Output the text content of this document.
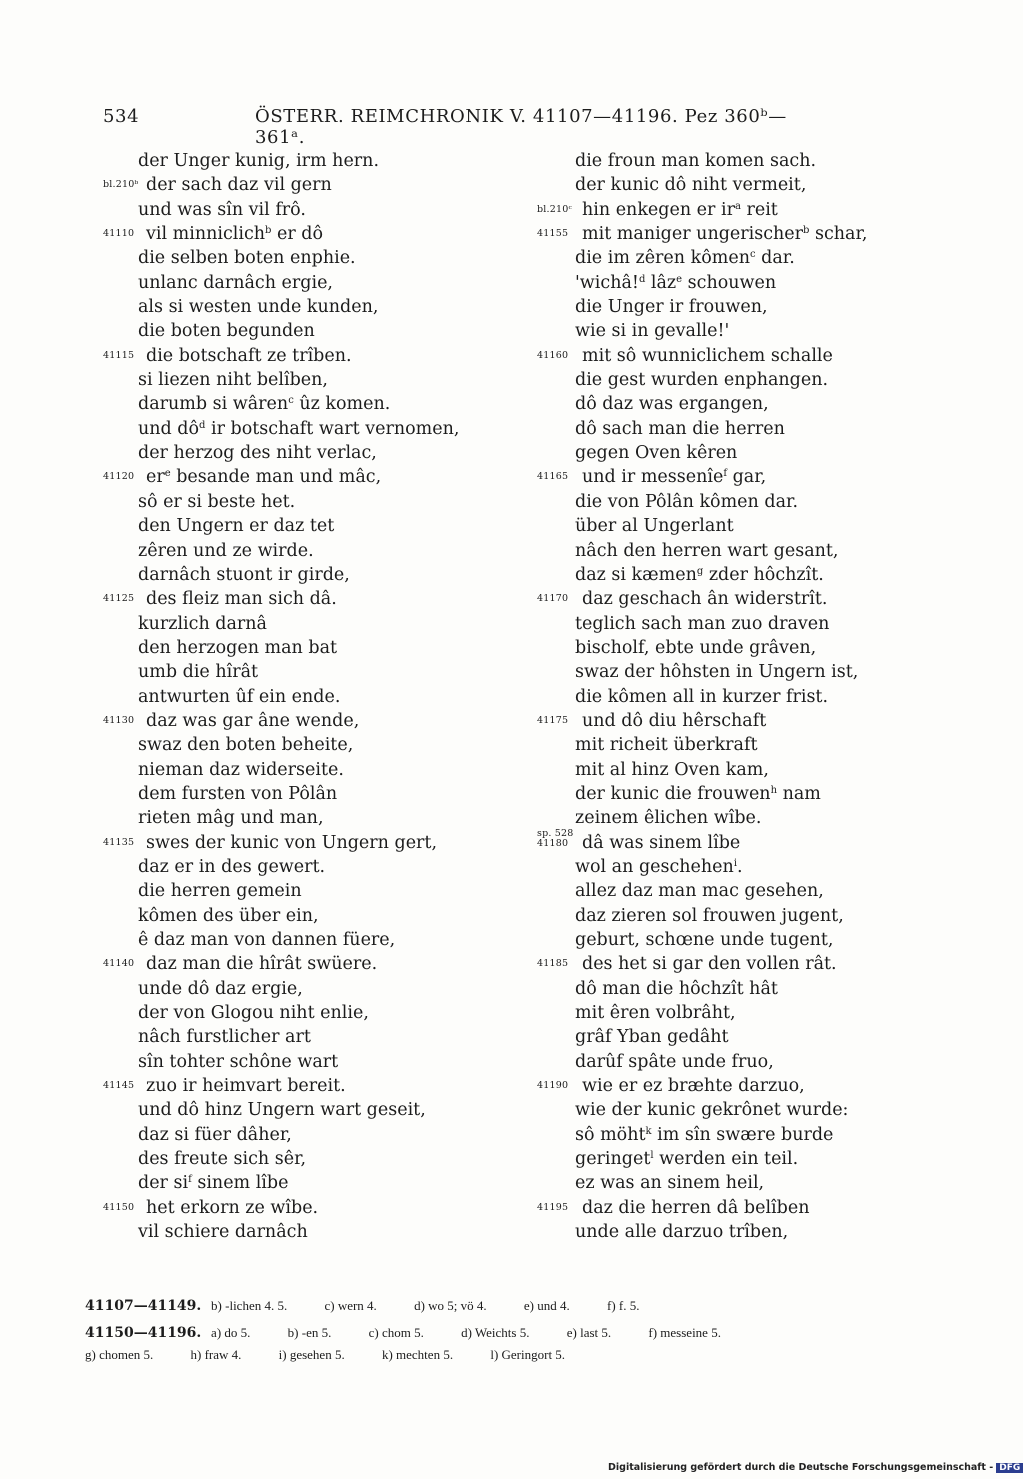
534	ÖSTERR. REIMCHRONIK V. 41107—41196. Pez 360ᵇ—361ᵃ.
der Unger kunig, irm hern.
bl.210ᵇ der sach daz vil gern
und was sîn vil frô.
41110 vil minniclich$^b$ er dô
die selben boten enphie.
unlanc darnâch ergie,
als si westen unde kunden,
die boten begunden
41115 die botschaft ze trîben.
si liezen niht belîben,
darumb si wâren$^c$ ûz komen.
und $dô^d$ ir botschaft wart vernomen,
der herzog des niht verlac,
41120 $er^e$ besande man und mâc,
sô er si beste het.
den Ungern er daz tet
zêren und ze wirde.
darnâch stuont ir girde,
41125 des fleiz man sich dâ.
kurzlich darnâ
den herzogen man bat
umb die hîrât
antwurten ûf ein ende.
41130 daz was gar âne wende,
swaz den boten beheite,
nieman daz widerseite.
dem fursten von Pôlân
rieten mâg und man,
41135 swes der kunic von Ungern gert,
daz er in des gewert.
die herren gemein
kômen des über ein,
ê daz man von dannen füere,
41140 daz man die hîrât swüere.
unde dô daz ergie,
der von Glogou niht enlie,
nâch furstlicher art
sîn tohter schône wart
41145 zuo ir heimvart bereit.
und dô hinz Ungern wart geseit,
daz si füer dâher,
des freute sich sêr,
der $si^f$ sinem lîbe
41150 het erkorn ze wîbe.
vil schiere darnâch
die froun man komen sach.
der kunic dô niht vermeit,
bl.210ᶜ hin enkegen er $ir^a$ reit
41155 mit maniger ungerischer$^b$ schar,
die im zêren kômen$^c$ dar.
'wichâ!$^d$ lâz$^e$ schouwen
die Unger ir frouwen,
wie si in gevalle!'
41160 mit sô wunniclichem schalle
die gest wurden enphangen.
dô daz was ergangen,
dô sach man die herren
gegen Oven kêren
41165 und ir messenîe$^f$ gar,
die von Pôlân kômen dar.
über al Ungerlant
nâch den herren wart gesant,
daz si kæmen$^g$ zder hôchzît.
41170 daz geschach ân widerstrît.
teglich sach man zuo draven
bischolf, ebte unde grâven,
swaz der hôhsten in Ungern ist,
die kômen all in kurzer frist.
41175 und dô diu hêrschaft
mit richeit überkraft
mit al hinz Oven kam,
der kunic die frouwen$^h$ nam
zeinem êlichen wîbe.
sp. 528
41180 dâ was sinem lîbe
wol an geschehen$^i$.
allez daz man mac gesehen,
daz zieren sol frouwen jugent,
geburt, schœne unde tugent,
41185 des het si gar den vollen rât.
dô man die hôchzît hât
mit êren volbrâht,
grâf Yban gedâht
darûf spâte unde fruo,
41190 wie er ez bræhte darzuo,
wie der kunic gekrônet wurde:
sô möht$^k$ im sîn swære burde
geringet$^l$ werden ein teil.
ez was an sinem heil,
41195 daz die herren dâ belîben
unde alle darzuo trîben,
41107—41149. b) -lichen 4. 5.	c) wern 4.	d) wo 5; vö 4.	e) und 4.	f) f. 5.
41150—41196. a) do 5.	b) -en 5.	c) chom 5.	d) Weichts 5.	e) last 5.	f) messeine 5.
g) chomen 5.	h) fraw 4.	i) gesehen 5.	k) mechten 5.	l) Geringort 5.
Digitalisierung gefördert durch die Deutsche Forschungsgemeinschaft - DFG
